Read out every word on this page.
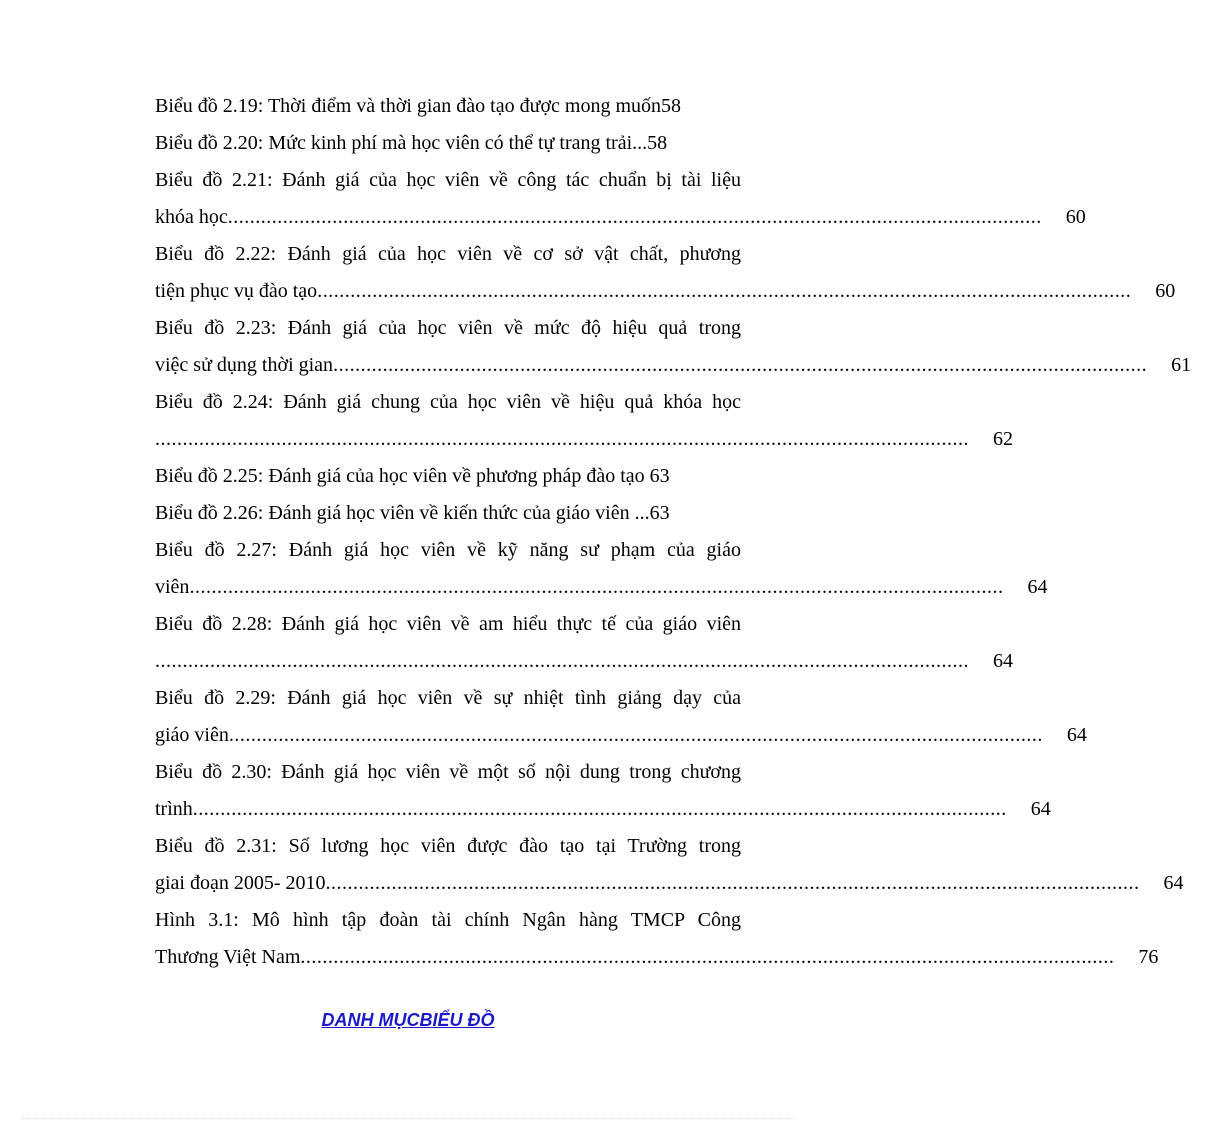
Biểu đồ 2.19: Thời điểm và thời gian đào tạo được mong muốn58
Biểu đồ 2.20: Mức kinh phí mà học viên có thể tự trang trải...58
Biểu đồ 2.21: Đánh giá của học viên về công tác chuẩn bị tài liệu
khóa học ....................................................................................................................................................	60
Biểu đồ 2.22: Đánh giá của học viên về cơ sở vật chất, phương
tiện phục vụ đào tạo ....................................................................................................................................................	60
Biểu đồ 2.23: Đánh giá của học viên về mức độ hiệu quả trong
việc sử dụng thời gian ....................................................................................................................................................	61
Biểu đồ 2.24: Đánh giá chung của học viên về hiệu quả khóa học
....................................................................................................................................................	62
Biểu đồ 2.25: Đánh giá của học viên về phương pháp đào tạo 63
Biểu đồ 2.26: Đánh giá học viên về kiến thức của giáo viên ...63
Biểu đồ 2.27: Đánh giá học viên về kỹ năng sư phạm của giáo
viên ....................................................................................................................................................	64
Biểu đồ 2.28: Đánh giá học viên về am hiểu thực tế của giáo viên
....................................................................................................................................................	64
Biểu đồ 2.29: Đánh giá học viên về sự nhiệt tình giảng dạy của
giáo viên ....................................................................................................................................................	64
Biểu đồ 2.30: Đánh giá học viên về một số nội dung trong chương
trình ....................................................................................................................................................	64
Biểu đồ 2.31: Số lương học viên được đào tạo tại Trường trong
giai đoạn 2005- 2010 ....................................................................................................................................................	64
Hình 3.1: Mô hình tập đoàn tài chính Ngân hàng TMCP Công
Thương Việt Nam ....................................................................................................................................................	76
DANH MỤCBIỂU ĐỒ
